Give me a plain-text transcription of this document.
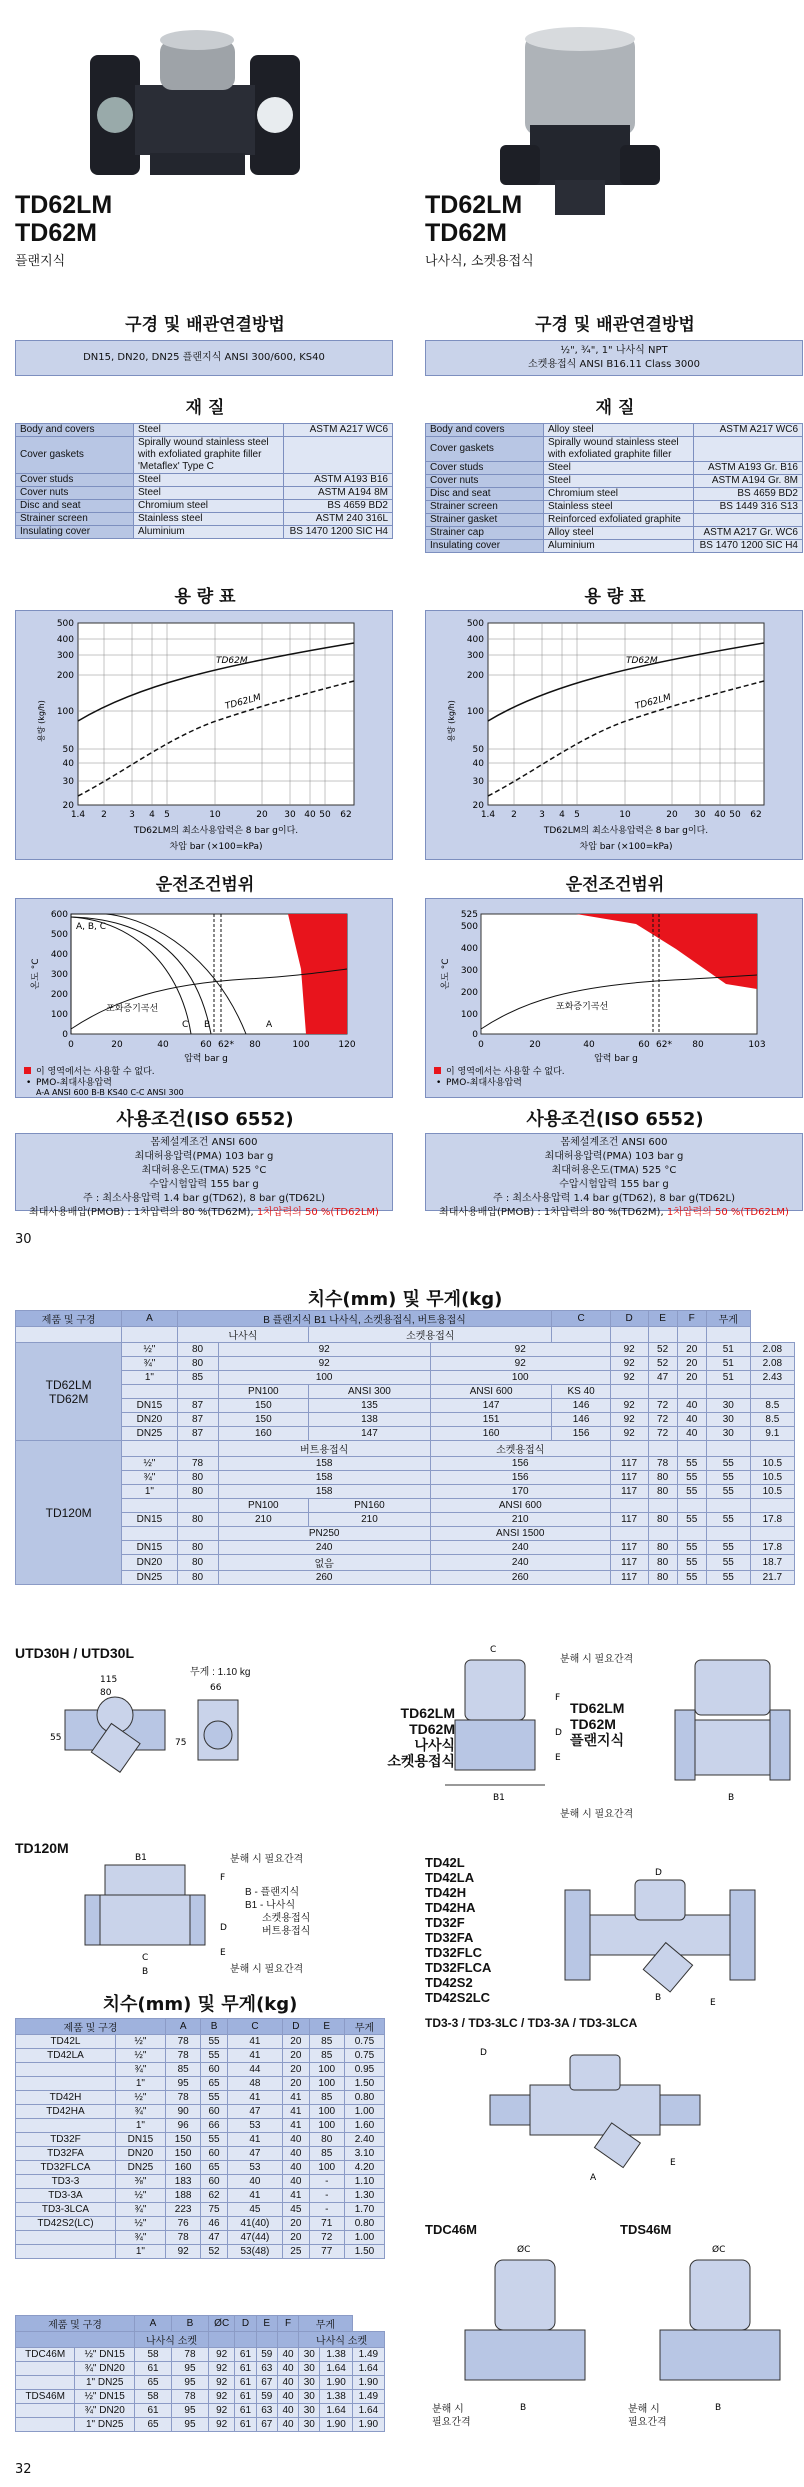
TD62LM
TD62M
플랜지식
TD62LM
TD62M
나사식, 소켓용접식
구경 및 배관연결방법	구경 및 배관연결방법
DN15, DN20, DN25 플랜지식 ANSI 300/600, KS40
½", ¾", 1" 나사식 NPT
소켓용접식 ANSI B16.11 Class 3000
재 질	재 질
Body and covers	Steel	ASTM A217 WC6
Cover gaskets	Spirally wound stainless steel with exfoliated graphite filler 'Metaflex' Type C	
Cover studs	Steel	ASTM A193 B16
Cover nuts	Steel	ASTM A194 8M
Disc and seat	Chromium steel	BS 4659 BD2
Strainer screen	Stainless steel	ASTM 240 316L
Insulating cover	Aluminium	BS 1470 1200 SIC H4
Body and covers	Alloy steel	ASTM A217 WC6
Cover gaskets	Spirally wound stainless steel with exfoliated graphite filler	
Cover studs	Steel	ASTM A193 Gr. B16
Cover nuts	Steel	ASTM A194 Gr. 8M
Disc and seat	Chromium steel	BS 4659 BD2
Strainer screen	Stainless steel	BS 1449 316 S13
Strainer gasket	Reinforced exfoliated graphite	
Strainer cap	Alloy steel	ASTM A217 Gr. WC6
Insulating cover	Aluminium	BS 1470 1200 SIC H4
용 량 표	용 량 표
TD62M
TD62LM
500
400
300
200
100
50
40
30
20
1.4 2 3 4 5	10	20 30 40 50 62
용량 (kg/h)
TD62LM의 최소사용압력은 8 bar g이다.
차압 bar (×100=kPa)
TD62M
TD62LM
500
400
300
200
100
50
40
30
20
1.4 2 3 4 5	10	20 30 40 50 62
용량 (kg/h)
TD62LM의 최소사용압력은 8 bar g이다.
차압 bar (×100=kPa)
운전조건범위	운전조건범위
A, B, C
C B	A
포화증기곡선
600
500
400
300
200
100
0
0	20	40	60 62* 80	100	120
온도 °C
압력 bar g
이 영역에서는 사용할 수 없다.
• PMO-최대사용압력
A-A ANSI 600 B-B KS40 C-C ANSI 300
포화증기곡선
525
500
400
300
200
100
0
0	20	40	60 62* 80	103
온도 °C
압력 bar g
이 영역에서는 사용할 수 없다.
• PMO-최대사용압력
사용조건(ISO 6552)	사용조건(ISO 6552)
몸체설계조건 ANSI 600
최대허용압력(PMA) 103 bar g
최대허용온도(TMA) 525 °C
수압시험압력 155 bar g
주 : 최소사용압력 1.4 bar g(TD62), 8 bar g(TD62L)
최대사용배압(PMOB) : 1차압력의 80 %(TD62M), 1차압력의 50 %(TD62LM)
몸체설계조건 ANSI 600
최대허용압력(PMA) 103 bar g
최대허용온도(TMA) 525 °C
수압시험압력 155 bar g
주 : 최소사용압력 1.4 bar g(TD62), 8 bar g(TD62L)
최대사용배압(PMOB) : 1차압력의 80 %(TD62M), 1차압력의 50 %(TD62LM)
30
치수(mm) 및 무게(kg)
제품 및 구경	A	B 플랜지식 B1 나사식, 소켓용접식, 버트용접식				C	D	E	F	무게	
		나사식		소켓용접식							

TD62LM
TD62M	½"	80	92		92		92	52	20	51	2.08
	¾"	80	92		92		92	52	20	51	2.08
	1"	85	100		100		92	47	20	51	2.43
			PN100	ANSI 300	ANSI 600	KS 40					
	DN15	87	150	135	147	146	92	72	40	30	8.5
	DN20	87	150	138	151	146	92	72	40	30	8.5
	DN25	87	160	147	160	156	92	72	40	30	9.1
TD120M			버트용접식		소켓용접식						
	½"	78	158		156		117	78	55	55	10.5
	¾"	80	158		156		117	80	55	55	10.5
	1"	80	158		170		117	80	55	55	10.5
			PN100	PN160	ANSI 600						
	DN15	80	210	210	210		117	80	55	55	17.8
			PN250		ANSI 1500						
	DN15	80	240		240		117	80	55	55	17.8
	DN20	80	없음		240		117	80	55	55	18.7
	DN25	80	260		260		117	80	55	55	21.7
UTD30H / UTD30L
무게 : 1.10 kg
115
80	66
55	75
B1
C
F
D
E
분해 시 필요간격
분해 시 필요간격
TD62LM
TD62M
나사식
소켓용접식
TD62LM
TD62M
플랜지식
B
TD120M
B1
C
B
F
D
E
분해 시 필요간격
B - 플랜지식
B1 - 나사식
소켓용접식
버트용접식
분해 시 필요간격
TD42L
TD42LA
TD42H
TD42HA
TD32F
TD32FA
TD32FLC
TD32FLCA
TD42S2
TD42S2LC
D
B	E
치수(mm) 및 무게(kg)
제품 및 구경		A	B	C	D	E	무게
TD42L	½"	78	55	41	20	85	0.75
TD42LA	½"	78	55	41	20	85	0.75
	¾"	85	60	44	20	100	0.95
	1"	95	65	48	20	100	1.50
TD42H	½"	78	55	41	41	85	0.80
TD42HA	¾"	90	60	47	41	100	1.00
	1"	96	66	53	41	100	1.60
TD32F	DN15	150	55	41	40	80	2.40
TD32FA	DN20	150	60	47	40	85	3.10
TD32FLCA	DN25	160	65	53	40	100	4.20
TD3-3	⅜"	183	60	40	40	-	1.10
TD3-3A	½"	188	62	41	41	-	1.30
TD3-3LCA	¾"	223	75	45	45	-	1.70
TD42S2(LC)	½"	76	46	41(40)	20	71	0.80
	¾"	78	47	47(44)	20	72	1.00
	1"	92	52	53(48)	25	77	1.50
TD3-3 / TD3-3LC / TD3-3A / TD3-3LCA
A
D
E
TDC46M	TDS46M
ØC
B
ØC
B
분해 시
필요간격
분해 시
필요간격
제품 및 구경		A	B	ØC	D	E	F	무게		
		나사식 소켓						나사식 소켓		
TDC46M	½" DN15	58	78	92	61	59	40	30	1.38	1.49
	¾" DN20	61	95	92	61	63	40	30	1.64	1.64
	1" DN25	65	95	92	61	67	40	30	1.90	1.90
TDS46M	½" DN15	58	78	92	61	59	40	30	1.38	1.49
	¾" DN20	61	95	92	61	63	40	30	1.64	1.64
	1" DN25	65	95	92	61	67	40	30	1.90	1.90
32
